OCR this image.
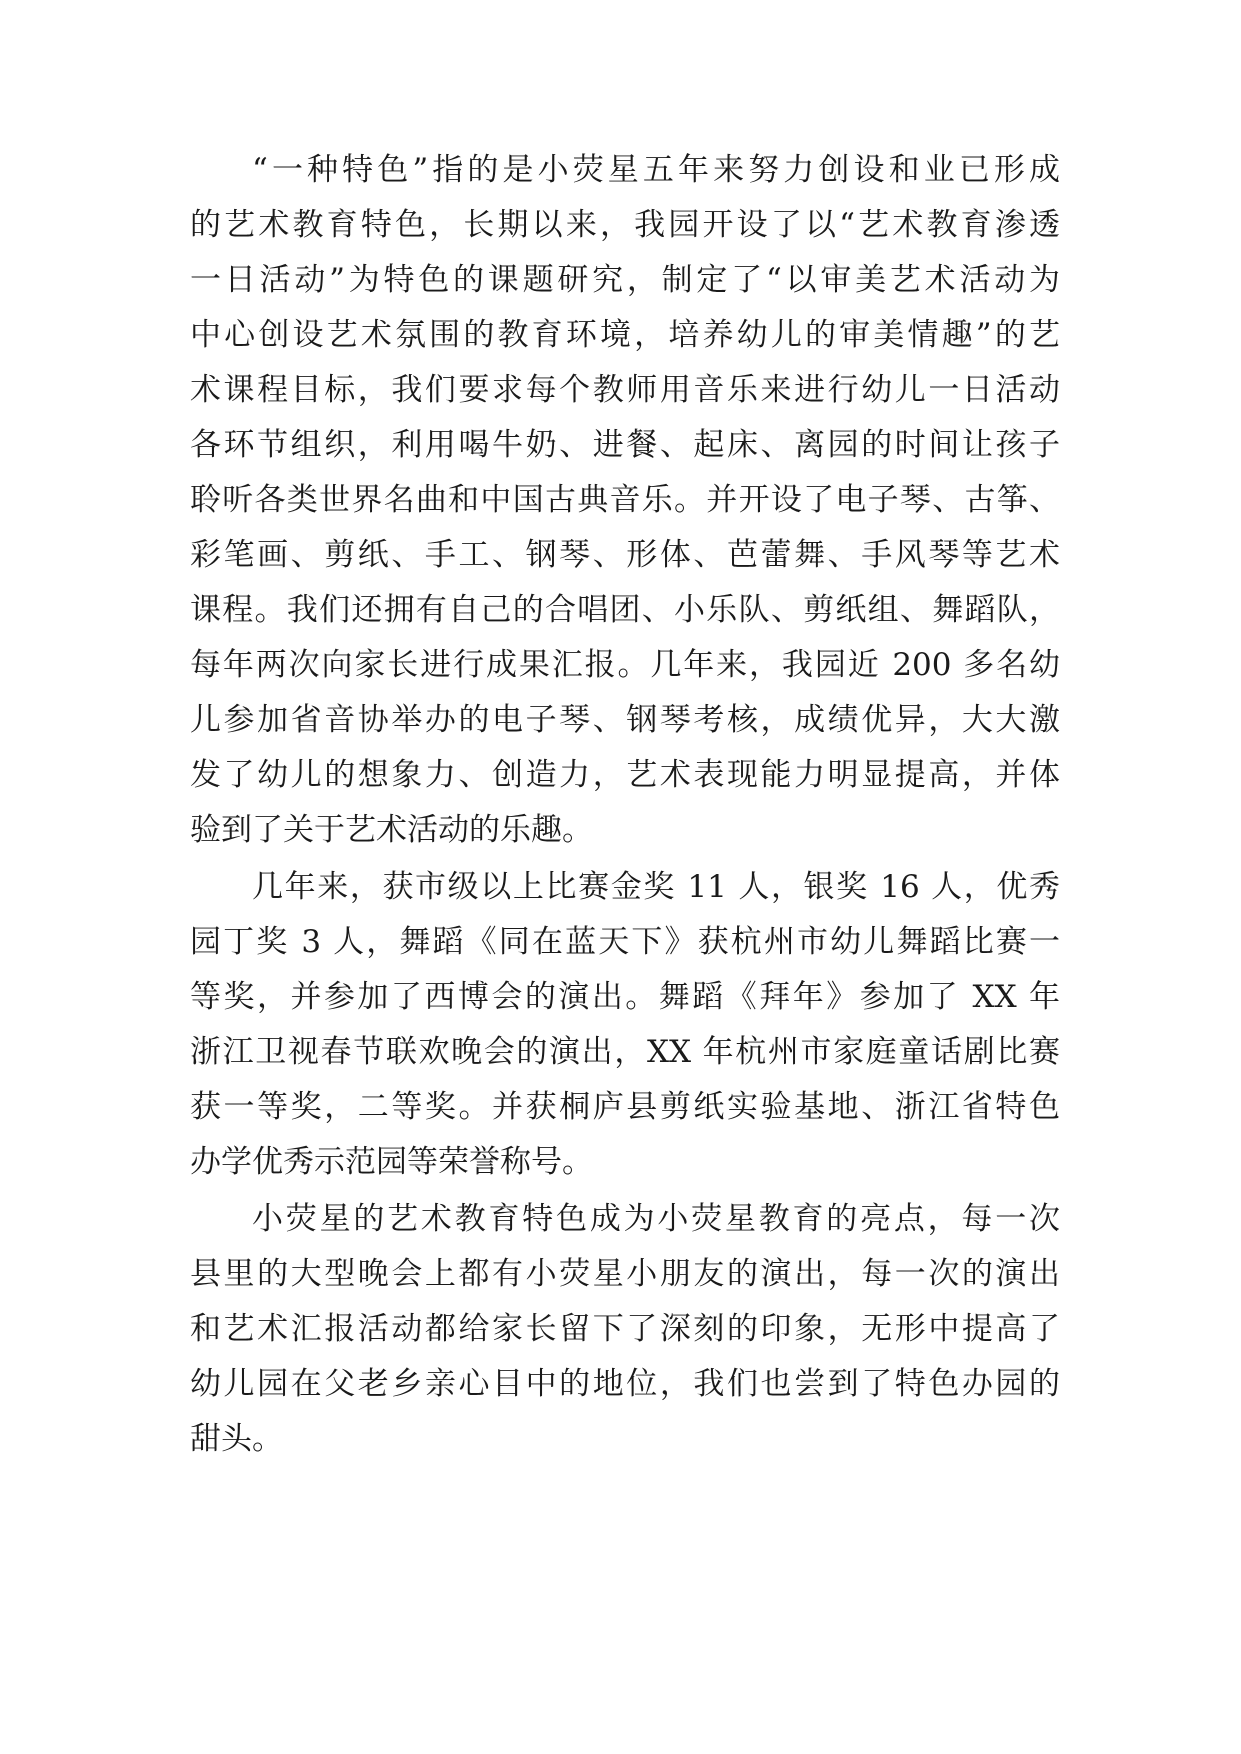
“一种特色”指的是小荧星五年来努力创设和业已形成
的艺术教育特色，长期以来，我园开设了以“艺术教育渗透
一日活动”为特色的课题研究，制定了“以审美艺术活动为
中心创设艺术氛围的教育环境，培养幼儿的审美情趣”的艺
术课程目标，我们要求每个教师用音乐来进行幼儿一日活动
各环节组织，利用喝牛奶、进餐、起床、离园的时间让孩子
聆听各类世界名曲和中国古典音乐。并开设了电子琴、古筝、
彩笔画、剪纸、手工、钢琴、形体、芭蕾舞、手风琴等艺术
课程。我们还拥有自己的合唱团、小乐队、剪纸组、舞蹈队，
每年两次向家长进行成果汇报。几年来，我园近 200 多名幼
儿参加省音协举办的电子琴、钢琴考核，成绩优异，大大激
发了幼儿的想象力、创造力，艺术表现能力明显提高，并体
验到了关于艺术活动的乐趣。
几年来，获市级以上比赛金奖 11 人，银奖 16 人，优秀
园丁奖 3 人，舞蹈《同在蓝天下》获杭州市幼儿舞蹈比赛一
等奖，并参加了西博会的演出。舞蹈《拜年》参加了 XX 年
浙江卫视春节联欢晚会的演出，XX 年杭州市家庭童话剧比赛
获一等奖，二等奖。并获桐庐县剪纸实验基地、浙江省特色
办学优秀示范园等荣誉称号。
小荧星的艺术教育特色成为小荧星教育的亮点，每一次
县里的大型晚会上都有小荧星小朋友的演出，每一次的演出
和艺术汇报活动都给家长留下了深刻的印象，无形中提高了
幼儿园在父老乡亲心目中的地位，我们也尝到了特色办园的
甜头。
